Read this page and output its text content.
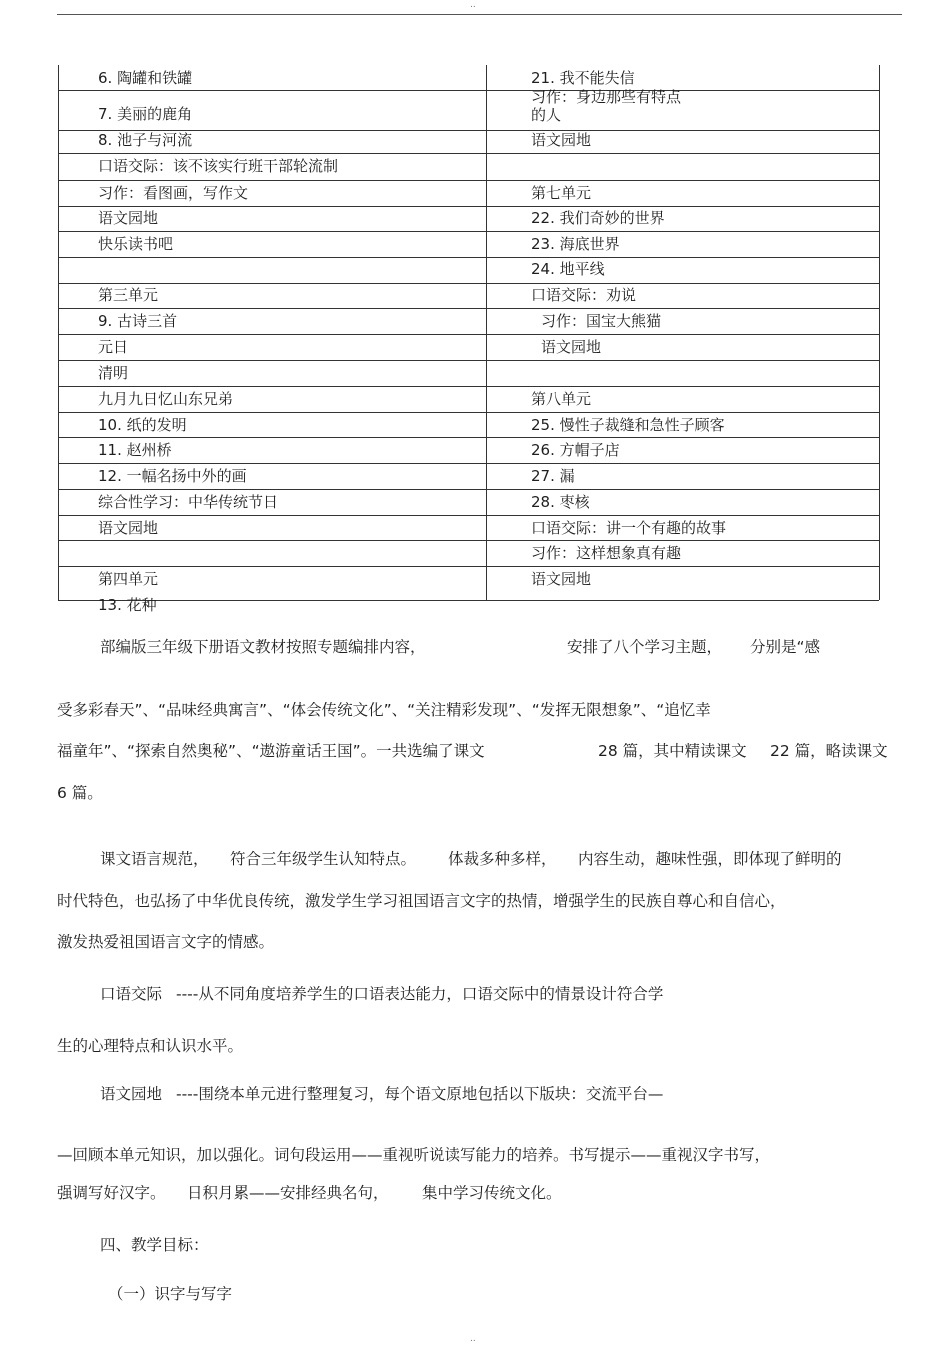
..
6. 陶罐和铁罐
7. 美丽的鹿角
8. 池子与河流
口语交际：该不该实行班干部轮流制
习作：看图画，写作文
语文园地
快乐读书吧
第三单元
9. 古诗三首
元日
清明
九月九日忆山东兄弟
10. 纸的发明
11. 赵州桥
12. 一幅名扬中外的画
综合性学习：中华传统节日
语文园地
第四单元
13. 花种
21. 我不能失信
习作：身边那些有特点
的人
语文园地
第七单元
22. 我们奇妙的世界
23. 海底世界
24. 地平线
口语交际：劝说
习作：国宝大熊猫
语文园地
第八单元
25. 慢性子裁缝和急性子顾客
26. 方帽子店
27. 漏
28. 枣核
口语交际：讲一个有趣的故事
习作：这样想象真有趣
语文园地
部编版三年级下册语文教材按照专题编排内容，	安排了八个学习主题， 分别是“感
受多彩春天”、“品味经典寓言”、“体会传统文化”、“关注精彩发现”、“发挥无限想象”、“追忆幸
福童年”、“探索自然奥秘”、“遨游童话王国”。一共选编了课文	28 篇，其中精读课文 22 篇，略读课文
6 篇。
课文语言规范， 符合三年级学生认知特点。 体裁多种多样， 内容生动，趣味性强，即体现了鲜明的
时代特色，也弘扬了中华优良传统，激发学生学习祖国语言文字的热情，增强学生的民族自尊心和自信心，
激发热爱祖国语言文字的情感。
口语交际 ----从不同角度培养学生的口语表达能力，口语交际中的情景设计符合学
生的心理特点和认识水平。
语文园地 ----围绕本单元进行整理复习，每个语文原地包括以下版块：交流平台—
—回顾本单元知识，加以强化。词句段运用——重视听说读写能力的培养。书写提示——重视汉字书写，
强调写好汉字。 日积月累——安排经典名句， 集中学习传统文化。
四、教学目标：
（一）识字与写字
..
